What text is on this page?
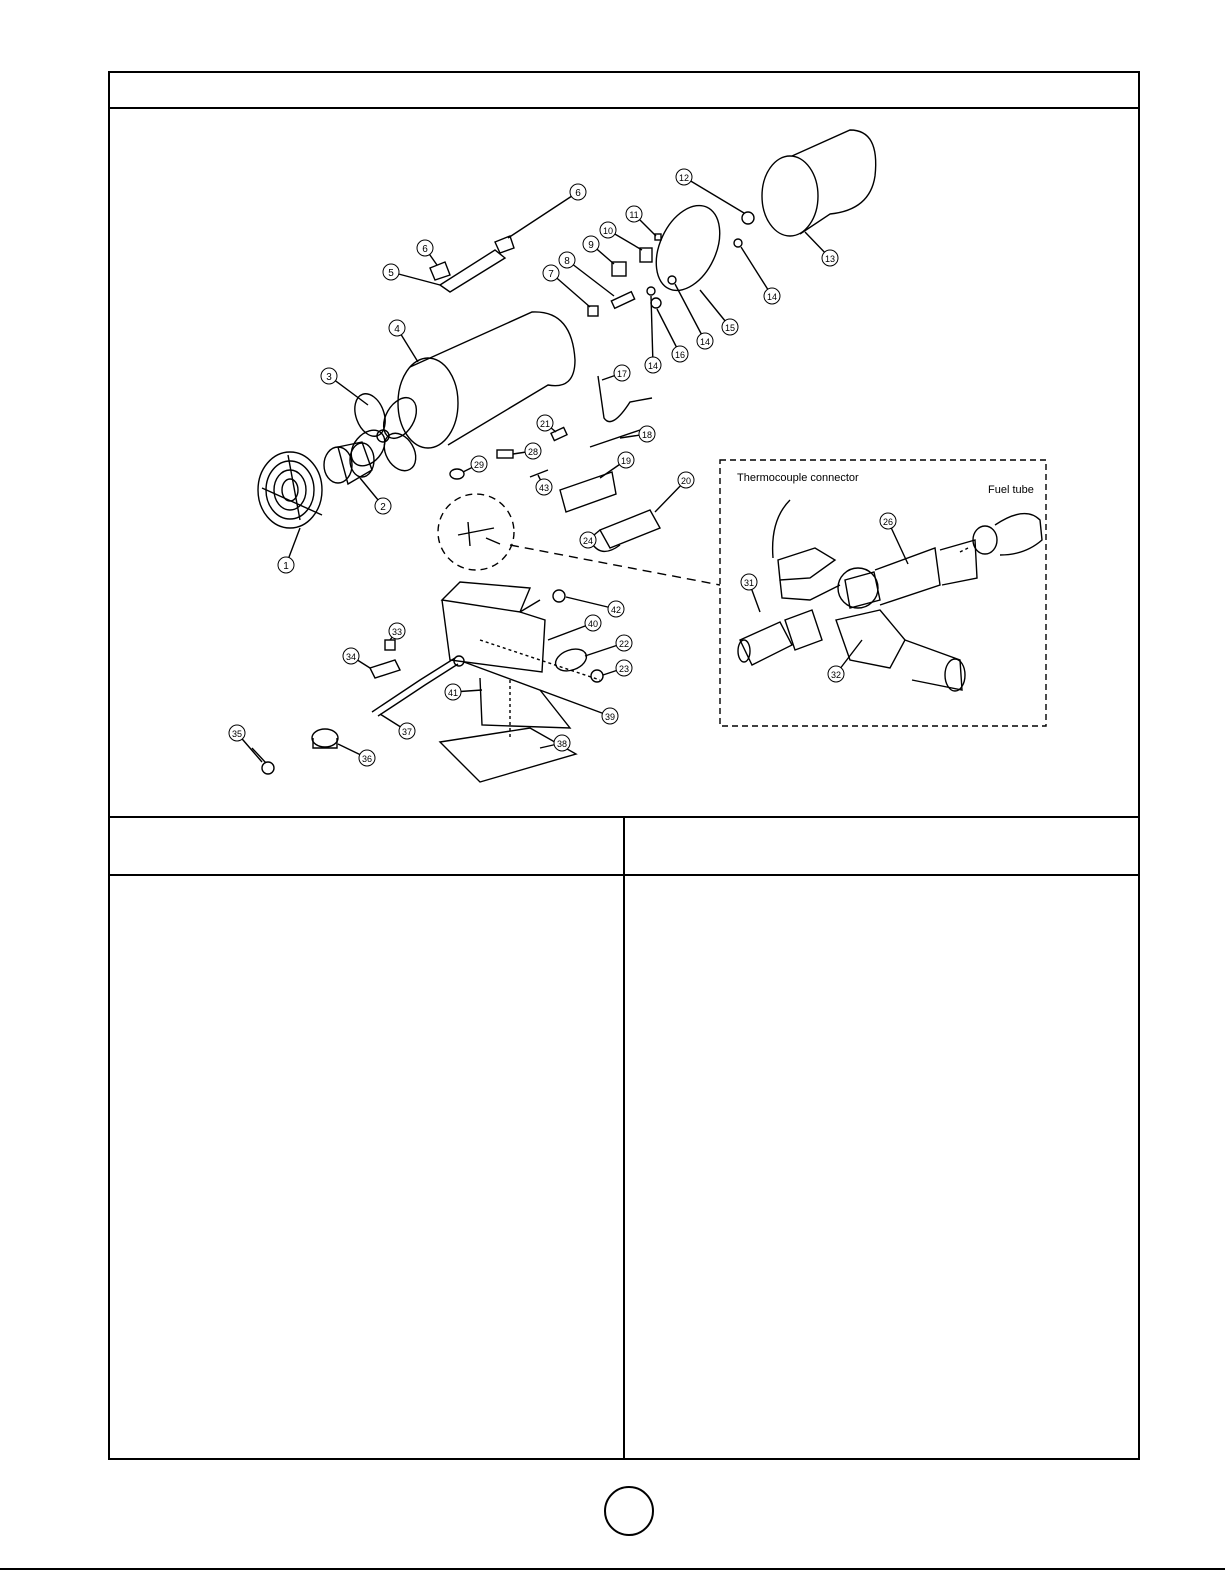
1
2
3
4
5
6
6
7
8
9
10
11
12
13
14
14
14
15
16
17
18
19
20
21
22
23
24
26
28
29
31
32
33
34
35
36
37
38
39
40
41
42
43
Thermocouple connector
Fuel tube
